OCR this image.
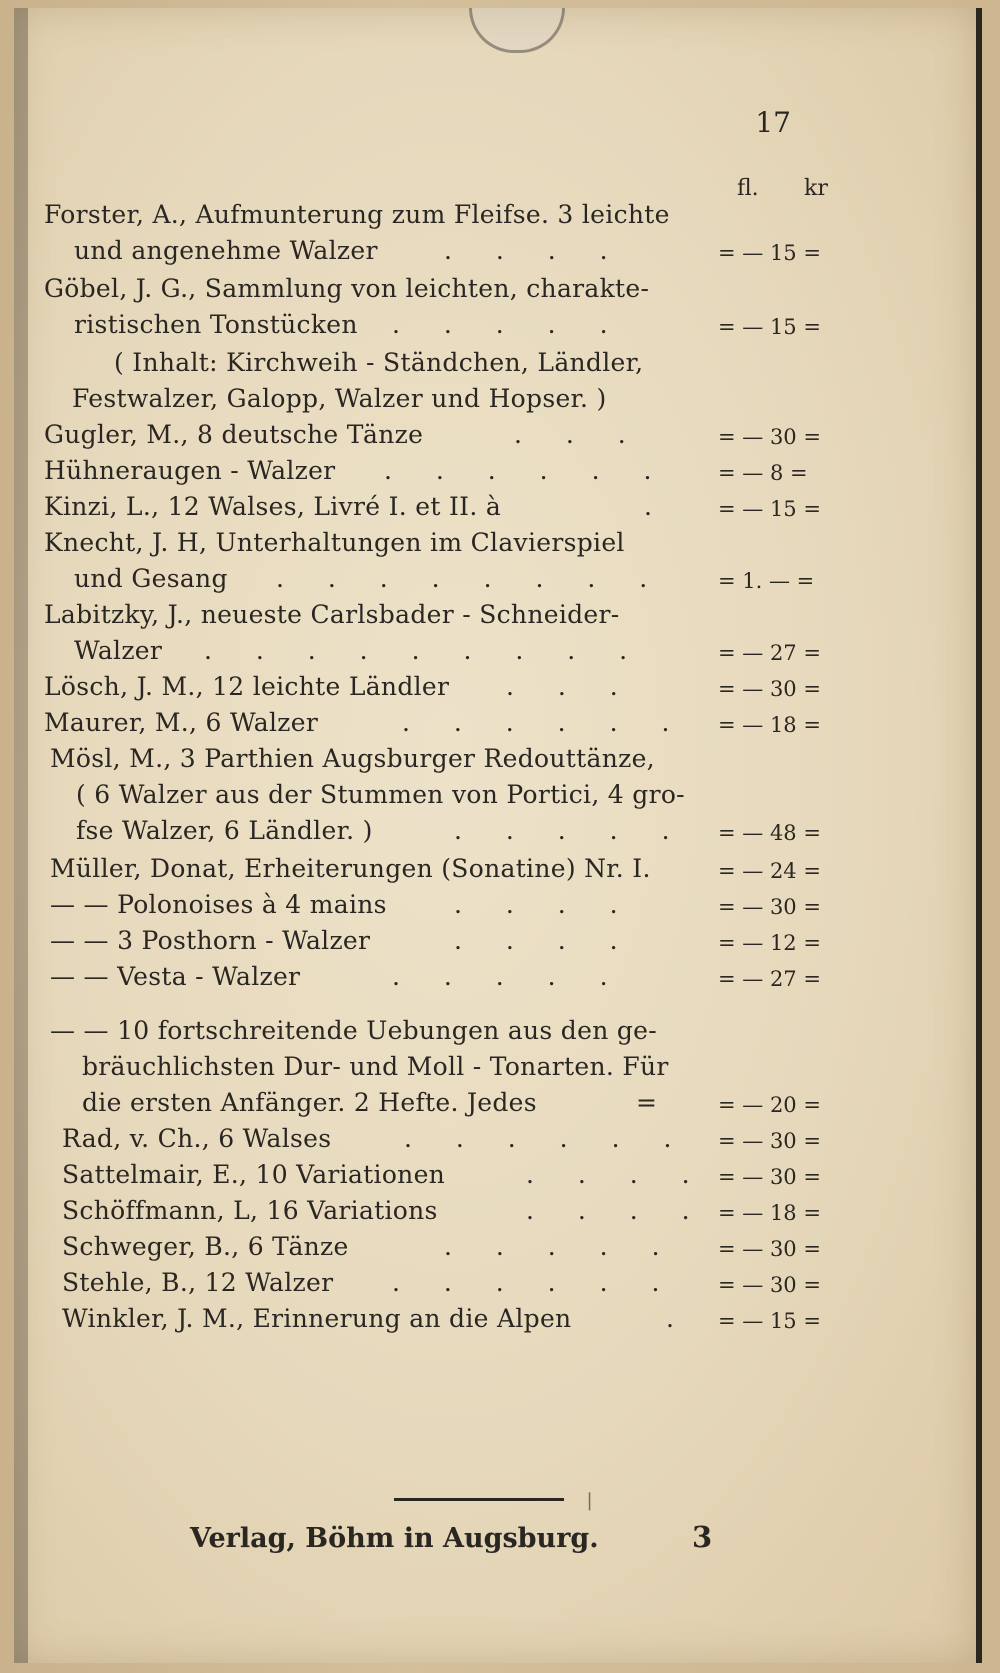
17
fl. kr
Forster, A., Aufmunterung zum Fleifse. 3 leichte
und angenehme Walzer	. . . .	= — 15 =
Göbel, J. G., Sammlung von leichten, charakte-
ristischen Tonstücken . . . . .	= — 15 =
( Inhalt: Kirchweih - Ständchen, Ländler,
Festwalzer, Galopp, Walzer und Hopser. )
Gugler, M., 8 deutsche Tänze	. . .	= — 30 =
Hühneraugen - Walzer . . . . . . = — 8 =
Kinzi, L., 12 Walses, Livré I. et II. à	. = — 15 =
Knecht, J. H, Unterhaltungen im Clavierspiel
und Gesang . . . . . . . .	= 1. — =
Labitzky, J., neueste Carlsbader - Schneider-
Walzer . . . . . . . . .	= — 27 =
Lösch, J. M., 12 leichte Ländler . . .	= — 30 =
Maurer, M., 6 Walzer	. . . . . . = — 18 =
Mösl, M., 3 Parthien Augsburger Redouttänze,
( 6 Walzer aus der Stummen von Portici, 4 gro-
fse Walzer, 6 Ländler. )	. . . . . = — 48 =
Müller, Donat, Erheiterungen (Sonatine) Nr. I.	= — 24 =
— — Polonoises à 4 mains	. . . .	= — 30 =
— — 3 Posthorn - Walzer	. . . .	= — 12 =
— — Vesta - Walzer	. . . . .	= — 27 =
— — 10 fortschreitende Uebungen aus den ge-
bräuchlichsten Dur- und Moll - Tonarten. Für
die ersten Anfänger. 2 Hefte. Jedes	= = — 20 =
Rad, v. Ch., 6 Walses	. . . . . . = — 30 =
Sattelmair, E., 10 Variationen	. . . . = — 30 =
Schöffmann, L, 16 Variations	. . . . = — 18 =
Schweger, B., 6 Tänze	. . . . . = — 30 =
Stehle, B., 12 Walzer . . . . . . = — 30 =
Winkler, J. M., Erinnerung an die Alpen	. = — 15 =
❘
Verlag, Böhm in Augsburg.	3
